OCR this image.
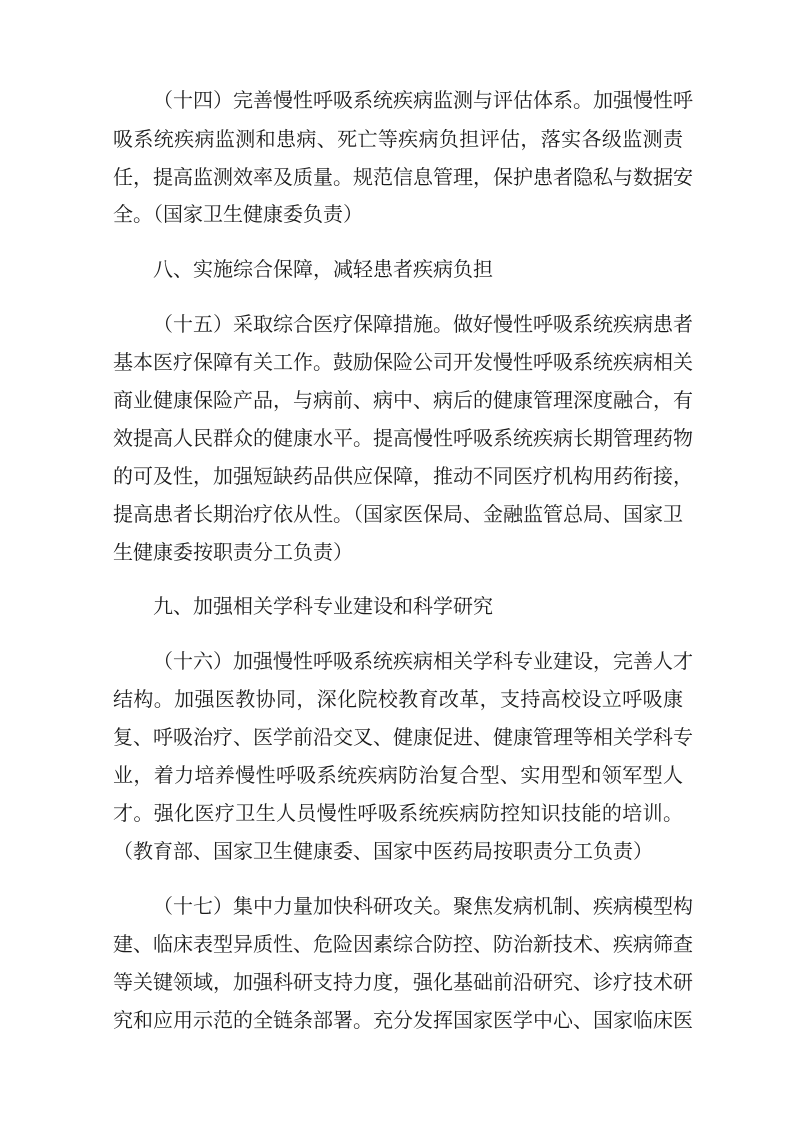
（十四）完善慢性呼吸系统疾病监测与评估体系。加强慢性呼

吸系统疾病监测和患病、死亡等疾病负担评估，落实各级监测责

任，提高监测效率及质量。规范信息管理，保护患者隐私与数据安

全。（国家卫生健康委负责）

八、实施综合保障，减轻患者疾病负担

（十五）采取综合医疗保障措施。做好慢性呼吸系统疾病患者

基本医疗保障有关工作。鼓励保险公司开发慢性呼吸系统疾病相关

商业健康保险产品，与病前、病中、病后的健康管理深度融合，有

效提高人民群众的健康水平。提高慢性呼吸系统疾病长期管理药物

的可及性，加强短缺药品供应保障，推动不同医疗机构用药衔接，

提高患者长期治疗依从性。（国家医保局、金融监管总局、国家卫

生健康委按职责分工负责）

九、加强相关学科专业建设和科学研究

（十六）加强慢性呼吸系统疾病相关学科专业建设，完善人才

结构。加强医教协同，深化院校教育改革，支持高校设立呼吸康

复、呼吸治疗、医学前沿交叉、健康促进、健康管理等相关学科专

业，着力培养慢性呼吸系统疾病防治复合型、实用型和领军型人

才。强化医疗卫生人员慢性呼吸系统疾病防控知识技能的培训。

（教育部、国家卫生健康委、国家中医药局按职责分工负责）

（十七）集中力量加快科研攻关。聚焦发病机制、疾病模型构

建、临床表型异质性、危险因素综合防控、防治新技术、疾病筛查

等关键领域，加强科研支持力度，强化基础前沿研究、诊疗技术研

究和应用示范的全链条部署。充分发挥国家医学中心、国家临床医
